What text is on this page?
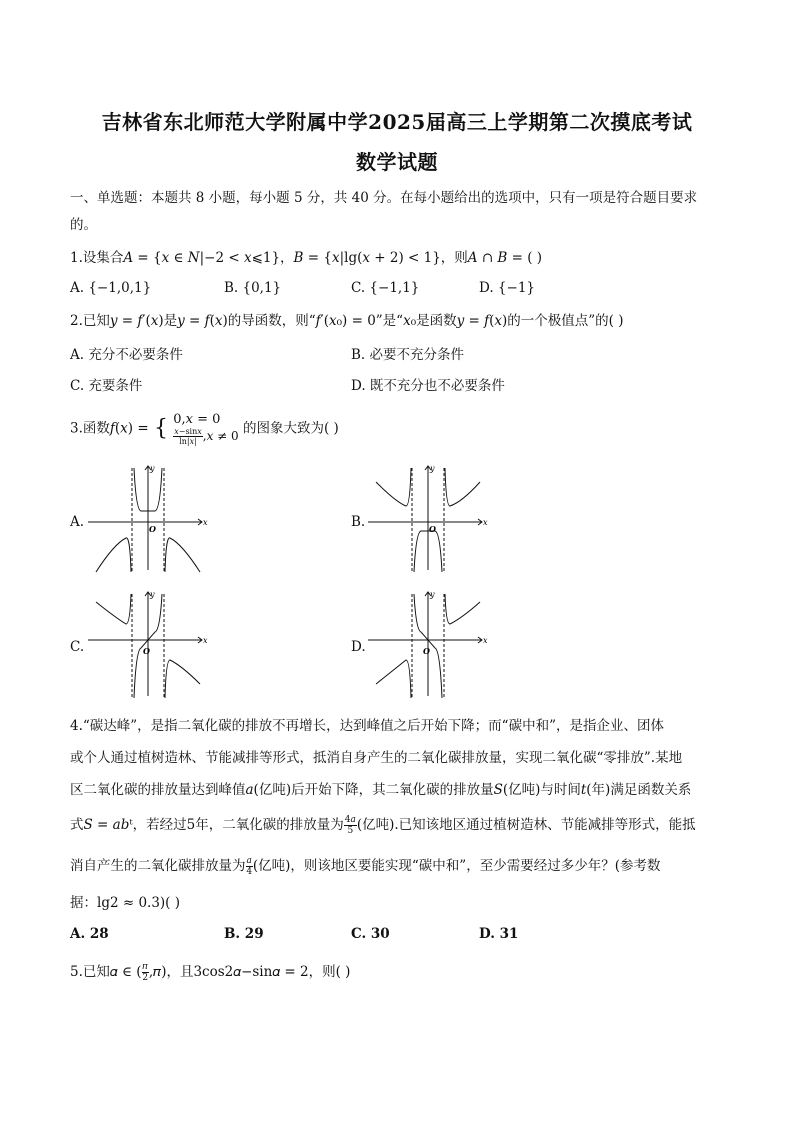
吉林省东北师范大学附属中学2025届高三上学期第二次摸底考试
数学试题
一、单选题：本题共 8 小题，每小题 5 分，共 40 分。在每小题给出的选项中，只有一项是符合题目要求
的。
1.设集合𝐴 = {𝑥 ∈ 𝑁|−2 < 𝑥⩽1}，𝐵 = {𝑥|lg(𝑥 + 2) < 1}，则𝐴 ∩ 𝐵 = ( )
A. {−1,0,1}	B. {0,1}	C. {−1,1}	D. {−1}
2.已知𝑦 = 𝑓′(𝑥)是𝑦 = 𝑓(𝑥)的导函数，则“𝑓′(𝑥₀) = 0”是“𝑥₀是函数𝑦 = 𝑓(𝑥)的一个极值点”的( )
A. 充分不必要条件	B. 必要不充分条件
C. 充要条件	D. 既不充分也不必要条件
3.函数𝑓(𝑥) = { 0,𝑥 = 0
$\frac{\text{𝑥−sin𝑥}}{\text{ln|𝑥|}}$ ,𝑥 ≠ 0 的图象大致为( )
A.	B.
C.	D.
y
x
O
y
x
O
y
x
O
y
x
O
4.“碳达峰”，是指二氧化碳的排放不再增长，达到峰值之后开始下降；而“碳中和”，是指企业、团体
或个人通过植树造林、节能减排等形式，抵消自身产生的二氧化碳排放量，实现二氧化碳“零排放”.某地
区二氧化碳的排放量达到峰值𝑎(亿吨)后开始下降，其二氧化碳的排放量𝑆(亿吨)与时间𝑡(年)满足函数关系
式𝑆 = 𝑎𝑏ᵗ，若经过5年，二氧化碳的排放量为 $\frac{\text{4𝑎}}{5}$ (亿吨).已知该地区通过植树造林、节能减排等形式，能抵
消自产生的二氧化碳排放量为 $\frac{\text{𝑎}}{4}$ (亿吨)，则该地区要能实现“碳中和”，至少需要经过多少年？(参考数
据：lg2 ≈ 0.3)( )
A. 28	B. 29	C. 30	D. 31
5.已知𝛼 ∈ ( $\frac{\text{𝜋}}{2}$ ,𝜋)，且3cos2𝛼−sin𝛼 = 2，则( )
